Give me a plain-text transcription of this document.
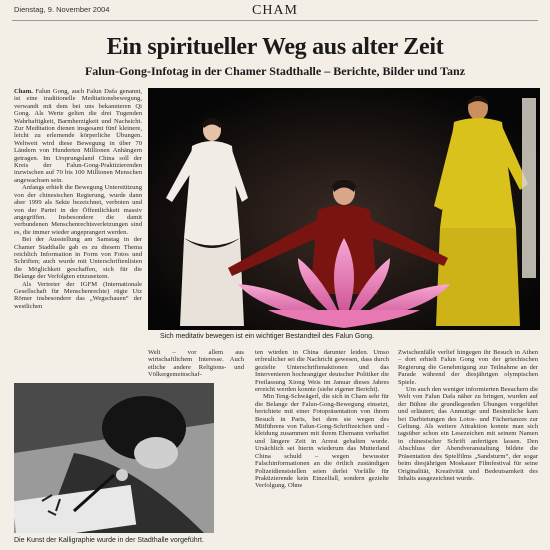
Dienstag, 9. November 2004	CHAM
Ein spiritueller Weg aus alter Zeit
Falun-Gong-Infotag in der Chamer Stadthalle – Berichte, Bilder und Tanz

Cham. Falun Gong, auch Falun Dafa genannt, ist eine traditionelle Meditationsbewegung, verwandt mit dem bei uns bekannteren Qi Gong. Als Werte gelten die drei Tugenden Wahrhaftigkeit, Barmherzigkeit und Nachsicht. Zur Meditation dienen insgesamt fünf kleinere, leicht zu erlernende körperliche Übungen. Weltweit wird diese Bewegung in über 70 Ländern von Hunderten Millionen Anhängern getragen. Im Ursprungsland China soll der Kreis der Falun-Gong-Praktizierenden inzwischen auf 70 bis 100 Millionen Menschen angewachsen sein.

Anfangs erhielt die Bewegung Unterstützung von der chinesischen Regierung, wurde dann aber 1999 als Sekte bezeichnet, verboten und von der Partei in der Öffentlichkeit massiv angegriffen. Insbesondere die damit verbundenen Menschenrechtsverletzungen sind es, die immer wieder angeprangert werden.

Bei der Ausstellung am Samstag in der Chamer Stadthalle gab es zu diesem Thema reichlich Information in Form von Fotos und Schriften; auch wurde mit Unterschriftenlisten die Möglichkeit geschaffen, sich für die Belange der Verfolgten einzusetzen.

Als Vertreter der IGFM (Internationale Gesellschaft für Menschenrechte) rügte Utz Römer insbesondere das „Wegschauen“ der westlichen

Sich meditativ bewegen ist ein wichtiger Bestandteil des Falun Gong.

Welt – vor allem aus wirtschaftlichem Interesse. Auch etliche andere Religions- und Völkergemeinschaf-

ten würden in China darunter leiden. Umso erfreulicher sei die Nachricht gewesen, dass durch gezielte Unterschriftenaktionen und das Intervenieren hochrangiger deutscher Politiker die Freilassung Xiong Weis im Januar dieses Jahres erreicht werden konnte (siehe eigener Bericht).

Min Teng-Schwägerl, die sich in Cham sehr für die Belange der Falun-Gong-Bewegung einsetzt, berichtete mit einer Fotopräsentation von ihrem Besuch in Paris, bei dem sie wegen des Mitführens von Falun-Gong-Schriftzeichen und -kleidung zusammen mit ihrem Ehemann verhaftet und längere Zeit in Arrest gehalten wurde. Ursächlich sei hierin wiederum das Mutterland China schuld – wegen bewusster Falschinformationen an die örtlich zuständigen Polizeidienststellen seien derlei Vorfälle für Praktizierende kein Einzelfall, sondern gezielte Verfolgung. Ohne

Zwischenfälle verlief hingegen ihr Besuch in Athen – dort erhielt Falun Gong von der griechischen Regierung die Genehmigung zur Teilnahme an der Parade während der diesjährigen olympischen Spiele.

Um auch den weniger informierten Besuchern die Welt von Falun Dafa näher zu bringen, wurden auf der Bühne die grundlegenden Übungen vorgeführt und erläutert; das Anmutige und Besinnliche kam bei Darbietungen des Lotos- und Fächertanzes zur Geltung. Als weitere Attraktion konnte man sich tagsüber schon ein Lesezeichen mit seinem Namen in chinesischer Schrift anfertigen lassen. Den Abschluss der Abendveranstaltung bildete die Präsentation des Spielfilms „Sandsturm“, der sogar beim diesjährigen Moskauer Filmfestival für seine Originalität, Kreativität und Bedeutsamkeit des Inhalts ausgezeichnet wurde.

Die Kunst der Kalligraphie wurde in der Stadthalle vorgeführt.
